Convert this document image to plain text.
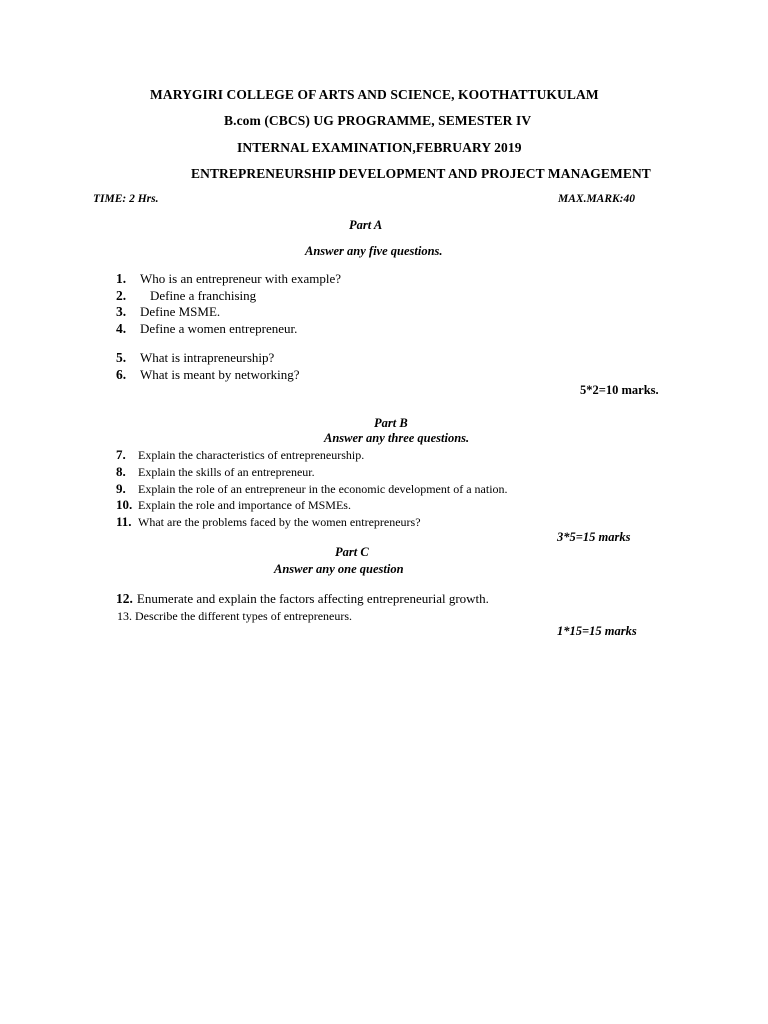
MARYGIRI COLLEGE OF ARTS AND SCIENCE, KOOTHATTUKULAM
B.com (CBCS) UG PROGRAMME, SEMESTER IV
INTERNAL EXAMINATION,FEBRUARY 2019
ENTREPRENEURSHIP DEVELOPMENT AND PROJECT MANAGEMENT
TIME: 2 Hrs.	MAX.MARK:40
Part A
Answer any five questions.
1.	Who is an entrepreneur with example?
2.	Define a franchising
3.	Define MSME.
4.	Define a women entrepreneur.
5.	What is intrapreneurship?
6.	What is meant by networking?
5*2=10 marks.
Part B
Answer any three questions.
7.	Explain the characteristics of entrepreneurship.
8.	Explain the skills of an entrepreneur.
9.	Explain the role of an entrepreneur in the economic development of a nation.
10. Explain the role and importance of MSMEs.
11. What are the problems faced by the women entrepreneurs?
3*5=15 marks
Part C
Answer any one question
12. Enumerate and explain the factors affecting entrepreneurial growth.
13. Describe the different types of entrepreneurs.
1*15=15 marks
